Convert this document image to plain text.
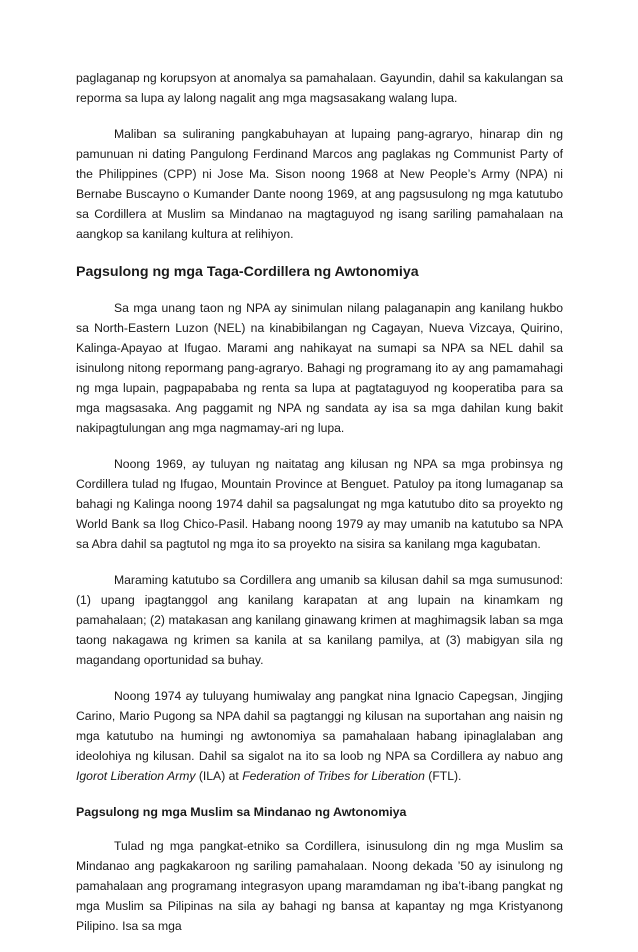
paglaganap ng korupsyon at anomalya sa pamahalaan. Gayundin, dahil sa kakulangan sa reporma sa lupa ay lalong nagalit ang mga magsasakang walang lupa.

Maliban sa suliraning pangkabuhayan at lupaing pang-agraryo, hinarap din ng pamunuan ni dating Pangulong Ferdinand Marcos ang paglakas ng Communist Party of the Philippines (CPP) ni Jose Ma. Sison noong 1968 at New People’s Army (NPA) ni Bernabe Buscayno o Kumander Dante noong 1969, at ang pagsusulong ng mga katutubo sa Cordillera at Muslim sa Mindanao na magtaguyod ng isang sariling pamahalaan na aangkop sa kanilang kultura at relihiyon.

Pagsulong ng mga Taga-Cordillera ng Awtonomiya

Sa mga unang taon ng NPA ay sinimulan nilang palaganapin ang kanilang hukbo sa North-Eastern Luzon (NEL) na kinabibilangan ng Cagayan, Nueva Vizcaya, Quirino, Kalinga-Apayao at Ifugao. Marami ang nahikayat na sumapi sa NPA sa NEL dahil sa isinulong nitong repormang pang-agraryo. Bahagi ng programang ito ay ang pamamahagi ng mga lupain, pagpapababa ng renta sa lupa at pagtataguyod ng kooperatiba para sa mga magsasaka. Ang paggamit ng NPA ng sandata ay isa sa mga dahilan kung bakit nakipagtulungan ang mga nagmamay-ari ng lupa.

Noong 1969, ay tuluyan ng naitatag ang kilusan ng NPA sa mga probinsya ng Cordillera tulad ng Ifugao, Mountain Province at Benguet. Patuloy pa itong lumaganap sa bahagi ng Kalinga noong 1974 dahil sa pagsalungat ng mga katutubo dito sa proyekto ng World Bank sa Ilog Chico-Pasil. Habang noong 1979 ay may umanib na katutubo sa NPA sa Abra dahil sa pagtutol ng mga ito sa proyekto na sisira sa kanilang mga kagubatan.

Maraming katutubo sa Cordillera ang umanib sa kilusan dahil sa mga sumusunod: (1) upang ipagtanggol ang kanilang karapatan at ang lupain na kinamkam ng pamahalaan; (2) matakasan ang kanilang ginawang krimen at maghimagsik laban sa mga taong nakagawa ng krimen sa kanila at sa kanilang pamilya, at (3) mabigyan sila ng magandang oportunidad sa buhay.

Noong 1974 ay tuluyang humiwalay ang pangkat nina Ignacio Capegsan, Jingjing Carino, Mario Pugong sa NPA dahil sa pagtanggi ng kilusan na suportahan ang naisin ng mga katutubo na humingi ng awtonomiya sa pamahalaan habang ipinaglalaban ang ideolohiya ng kilusan. Dahil sa sigalot na ito sa loob ng NPA sa Cordillera ay nabuo ang Igorot Liberation Army (ILA) at Federation of Tribes for Liberation (FTL).

Pagsulong ng mga Muslim sa Mindanao ng Awtonomiya

Tulad ng mga pangkat-etniko sa Cordillera, isinusulong din ng mga Muslim sa Mindanao ang pagkakaroon ng sariling pamahalaan. Noong dekada ’50 ay isinulong ng pamahalaan ang programang integrasyon upang maramdaman ng iba’t-ibang pangkat ng mga Muslim sa Pilipinas na sila ay bahagi ng bansa at kapantay ng mga Kristyanong Pilipino. Isa sa mga
